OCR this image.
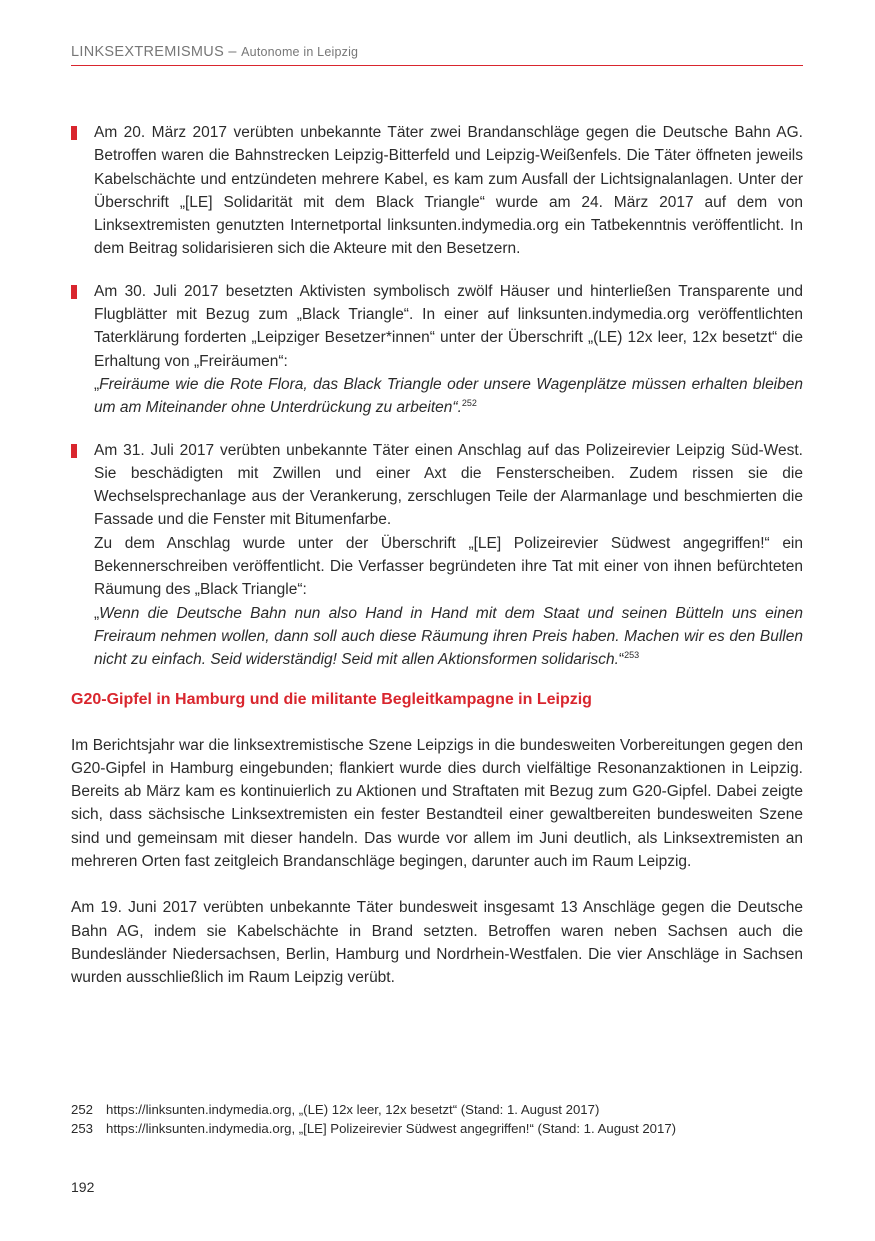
LINKSEXTREMISMUS – Autonome in Leipzig

Am 20. März 2017 verübten unbekannte Täter zwei Brandanschläge gegen die Deutsche Bahn AG. Betroffen waren die Bahnstrecken Leipzig-Bitterfeld und Leipzig-Weißenfels. Die Täter öffneten jeweils Kabelschächte und entzündeten mehrere Kabel, es kam zum Ausfall der Lichtsignalanlagen. Unter der Überschrift „[LE] Solidarität mit dem Black Triangle“ wurde am 24. März 2017 auf dem von Linksextremisten genutzten Internetportal linksunten.indymedia.org ein Tatbekenntnis veröffentlicht. In dem Beitrag solidarisieren sich die Akteure mit den Besetzern.

Am 30. Juli 2017 besetzten Aktivisten symbolisch zwölf Häuser und hinterließen Transparente und Flugblätter mit Bezug zum „Black Triangle“. In einer auf linksunten.indymedia.org veröffentlichten Taterklärung forderten „Leipziger Besetzer*innen“ unter der Überschrift „(LE) 12x leer, 12x besetzt“ die Erhaltung von „Freiräumen“:

„Freiräume wie die Rote Flora, das Black Triangle oder unsere Wagenplätze müssen erhalten bleiben um am Miteinander ohne Unterdrückung zu arbeiten“.$^{252}$

Am 31. Juli 2017 verübten unbekannte Täter einen Anschlag auf das Polizeirevier Leipzig Süd-West. Sie beschädigten mit Zwillen und einer Axt die Fensterscheiben. Zudem rissen sie die Wechselsprechanlage aus der Verankerung, zerschlugen Teile der Alarmanlage und beschmierten die Fassade und die Fenster mit Bitumenfarbe.

Zu dem Anschlag wurde unter der Überschrift „[LE] Polizeirevier Südwest angegriffen!“ ein Bekennerschreiben veröffentlicht. Die Verfasser begründeten ihre Tat mit einer von ihnen befürchteten Räumung des „Black Triangle“:

„Wenn die Deutsche Bahn nun also Hand in Hand mit dem Staat und seinen Bütteln uns einen Freiraum nehmen wollen, dann soll auch diese Räumung ihren Preis haben. Machen wir es den Bullen nicht zu einfach. Seid widerständig! Seid mit allen Aktionsformen solidarisch.“$^{253}$

G20-Gipfel in Hamburg und die militante Begleitkampagne in Leipzig

Im Berichtsjahr war die linksextremistische Szene Leipzigs in die bundesweiten Vorbereitungen gegen den G20-Gipfel in Hamburg eingebunden; flankiert wurde dies durch vielfältige Resonanzaktionen in Leipzig. Bereits ab März kam es kontinuierlich zu Aktionen und Straftaten mit Bezug zum G20-Gipfel. Dabei zeigte sich, dass sächsische Linksextremisten ein fester Bestandteil einer gewaltbereiten bundesweiten Szene sind und gemeinsam mit dieser handeln. Das wurde vor allem im Juni deutlich, als Linksextremisten an mehreren Orten fast zeitgleich Brandanschläge begingen, darunter auch im Raum Leipzig.

Am 19. Juni 2017 verübten unbekannte Täter bundesweit insgesamt 13 Anschläge gegen die Deutsche Bahn AG, indem sie Kabelschächte in Brand setzten. Betroffen waren neben Sachsen auch die Bundesländer Niedersachsen, Berlin, Hamburg und Nordrhein-Westfalen. Die vier Anschläge in Sachsen wurden ausschließlich im Raum Leipzig verübt.

252 https://linksunten.indymedia.org, „(LE) 12x leer, 12x besetzt“ (Stand: 1. August 2017)
253 https://linksunten.indymedia.org, „[LE] Polizeirevier Südwest angegriffen!“ (Stand: 1. August 2017)
192
